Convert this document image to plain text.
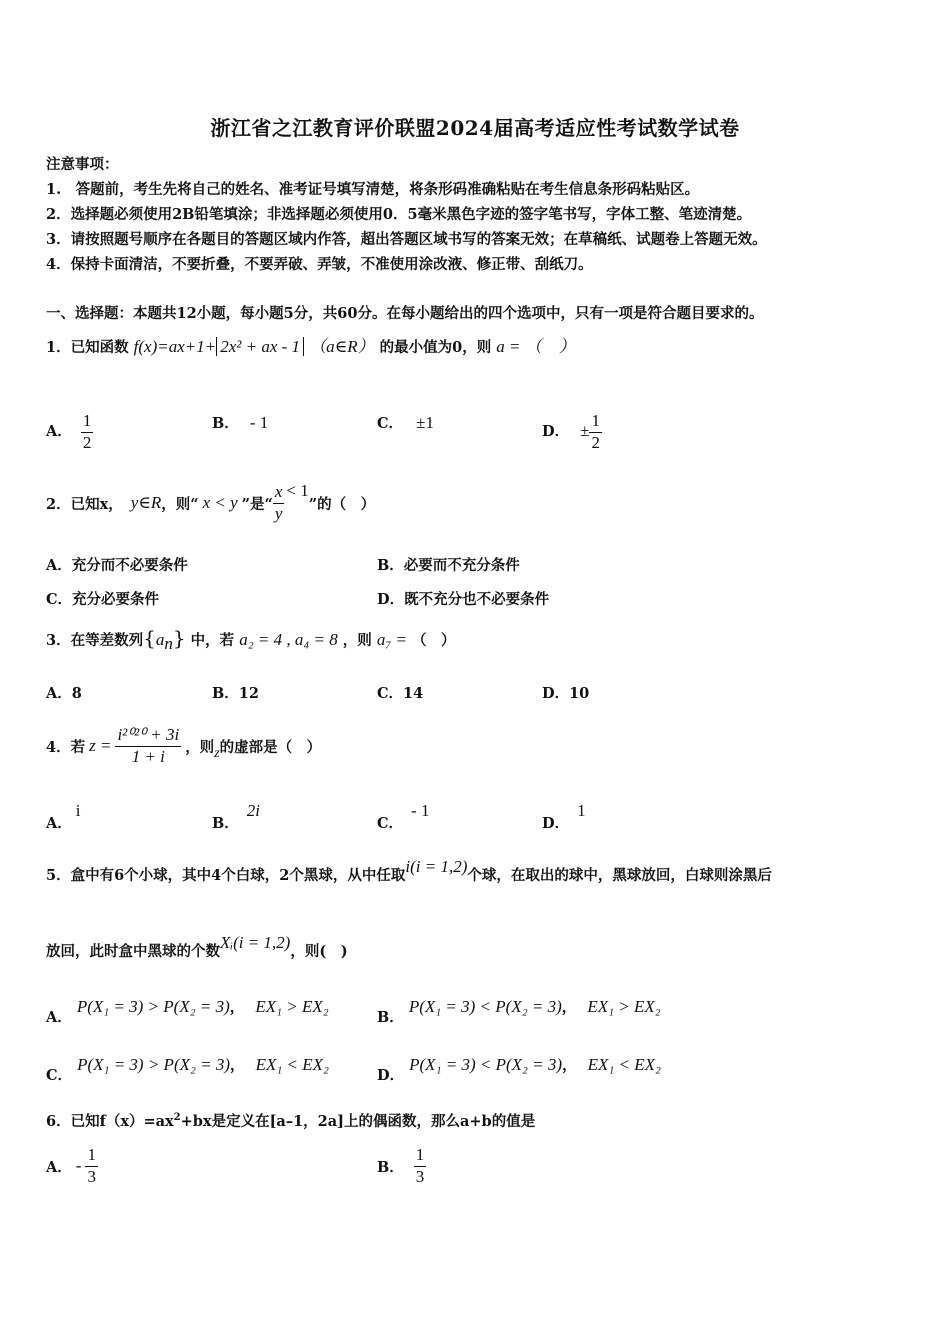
浙江省之江教育评价联盟2024届高考适应性考试数学试卷
注意事项：
1.　答题前，考生先将自己的姓名、准考证号填写清楚，将条形码准确粘贴在考生信息条形码粘贴区。
2．选择题必须使用2B铅笔填涂；非选择题必须使用0．5毫米黑色字迹的签字笔书写，字体工整、笔迹清楚。
3．请按照题号顺序在各题目的答题区域内作答，超出答题区域书写的答案无效；在草稿纸、试题卷上答题无效。
4．保持卡面清洁，不要折叠，不要弄破、弄皱，不准使用涂改液、修正带、刮纸刀。
一、选择题：本题共12小题，每小题5分，共60分。在每小题给出的四个选项中，只有一项是符合题目要求的。
1．已知函数 f(x)=ax+1+ 2x² + ax - 1 （a∈R） 的最小值为0，则 a = （　）
A． $\frac{1}{2}$	B． - 1	C． ±1	D． ± $\frac{1}{2}$
2．已知x， y∈R ，则“ x < y ”是“ $\frac{x}{y} < 1$
”的（　）
A．充分而不必要条件	B．必要而不充分条件
C．充分必要条件	D．既不充分也不必要条件
3．在等差数列$\{a_n\}$ 中，若 a₂ = 4 , a₄ = 8 ，则 a₇ = （　）
A．8	B．12	C．14	D．10
4．若 $z = \frac{\text{i²⁰²⁰ + 3i}}{1 + i}$ ，则 z 的虚部是（　）
A．i
B．2i
C．- 1
D．1
5．盒中有6个小球，其中4个白球，2个黑球，从中任取i(i = 1,2)个球，在取出的球中，黑球放回，白球则涂黑后
放回，此时盒中黑球的个数Xᵢ(i = 1,2)，则(　)
A． P(X₁ = 3) > P(X₂ = 3)， EX₁ > EX₂
B． P(X₁ = 3) < P(X₂ = 3)， EX₁ > EX₂
C． P(X₁ = 3) > P(X₂ = 3)， EX₁ < EX₂
D． P(X₁ = 3) < P(X₂ = 3)， EX₁ < EX₂
6．已知$f(x)=ax^2+bx$是定义在[a–1，2a]上的偶函数，那么a+b的值是
A． - $\frac{1}{3}$	B． $\frac{1}{3}$
